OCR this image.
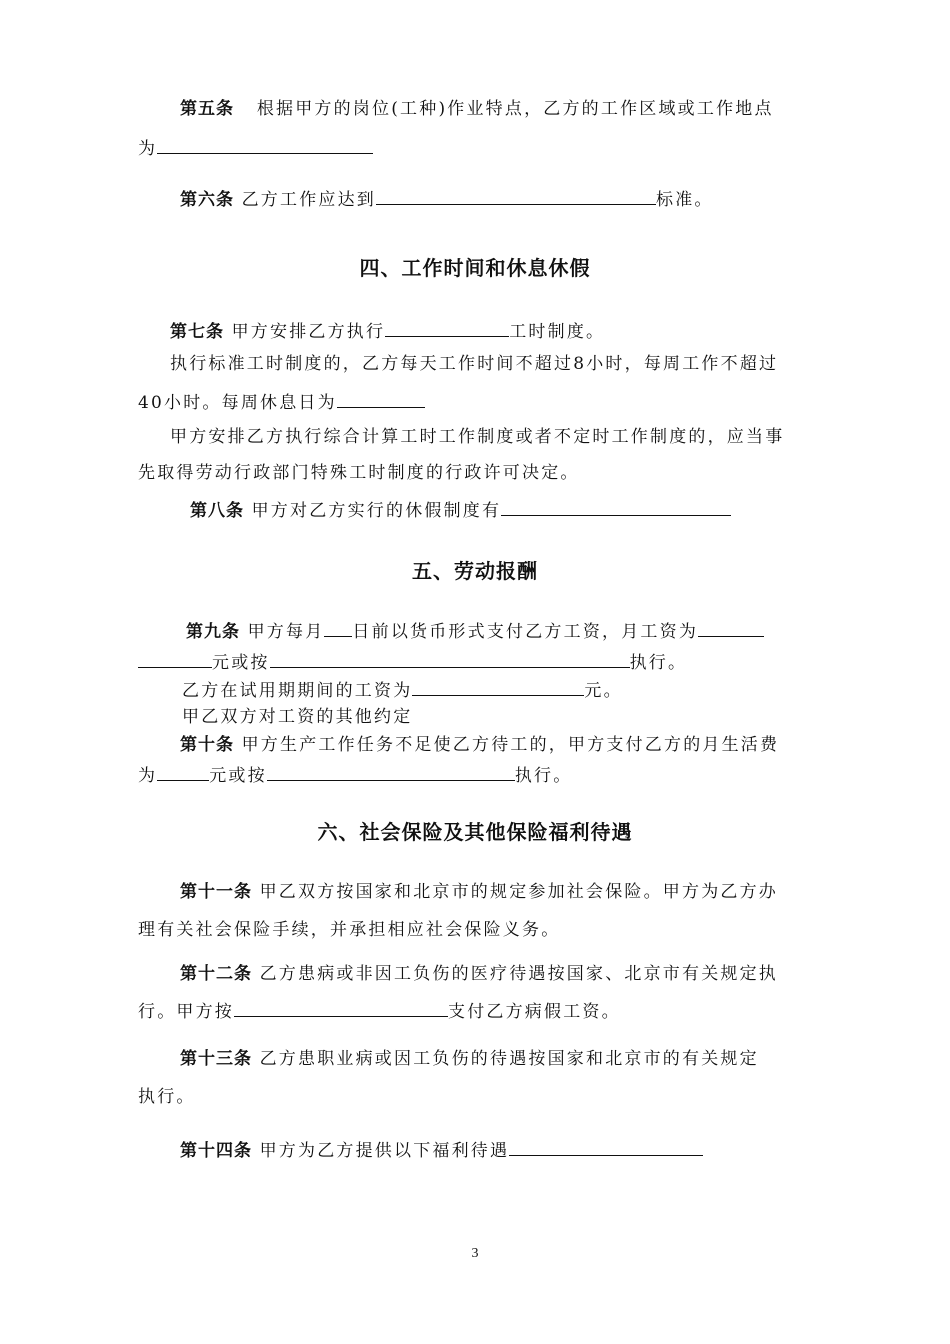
第五条 根据甲方的岗位(工种)作业特点，乙方的工作区域或工作地点
为
第六条 乙方工作应达到	标准。
四、工作时间和休息休假
第七条 甲方安排乙方执行	工时制度。
执行标准工时制度的，乙方每天工作时间不超过8小时，每周工作不超过
40小时。每周休息日为
甲方安排乙方执行综合计算工时工作制度或者不定时工作制度的，应当事
先取得劳动行政部门特殊工时制度的行政许可决定。
第八条 甲方对乙方实行的休假制度有
五、劳动报酬
第九条 甲方每月 日前以货币形式支付乙方工资，月工资为
元或按	执行。
乙方在试用期期间的工资为	元。
甲乙双方对工资的其他约定
第十条 甲方生产工作任务不足使乙方待工的，甲方支付乙方的月生活费
为	元或按	执行。
六、社会保险及其他保险福利待遇
第十一条 甲乙双方按国家和北京市的规定参加社会保险。甲方为乙方办
理有关社会保险手续，并承担相应社会保险义务。
第十二条 乙方患病或非因工负伤的医疗待遇按国家、北京市有关规定执
行。甲方按	支付乙方病假工资。
第十三条 乙方患职业病或因工负伤的待遇按国家和北京市的有关规定
执行。
第十四条 甲方为乙方提供以下福利待遇
3
